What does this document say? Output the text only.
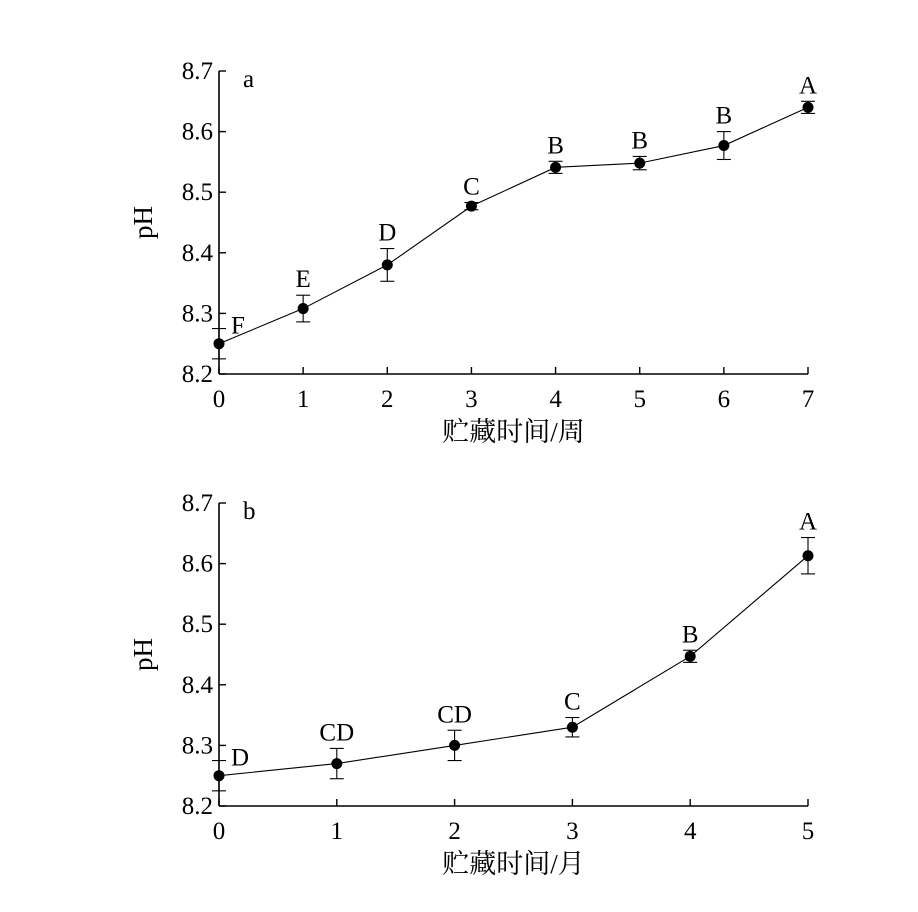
8.2
8.3
8.4
8.5
8.6
8.7
0	1	2	3	4	5	6	7
贮藏时间/周
pH
a
F
E
D
C
B	B
B
A
8.2
8.3
8.4
8.5
8.6
8.7
0	1	2	3	4	5
贮藏时间/月
pH
b
D
CD
CD	C
B
A
